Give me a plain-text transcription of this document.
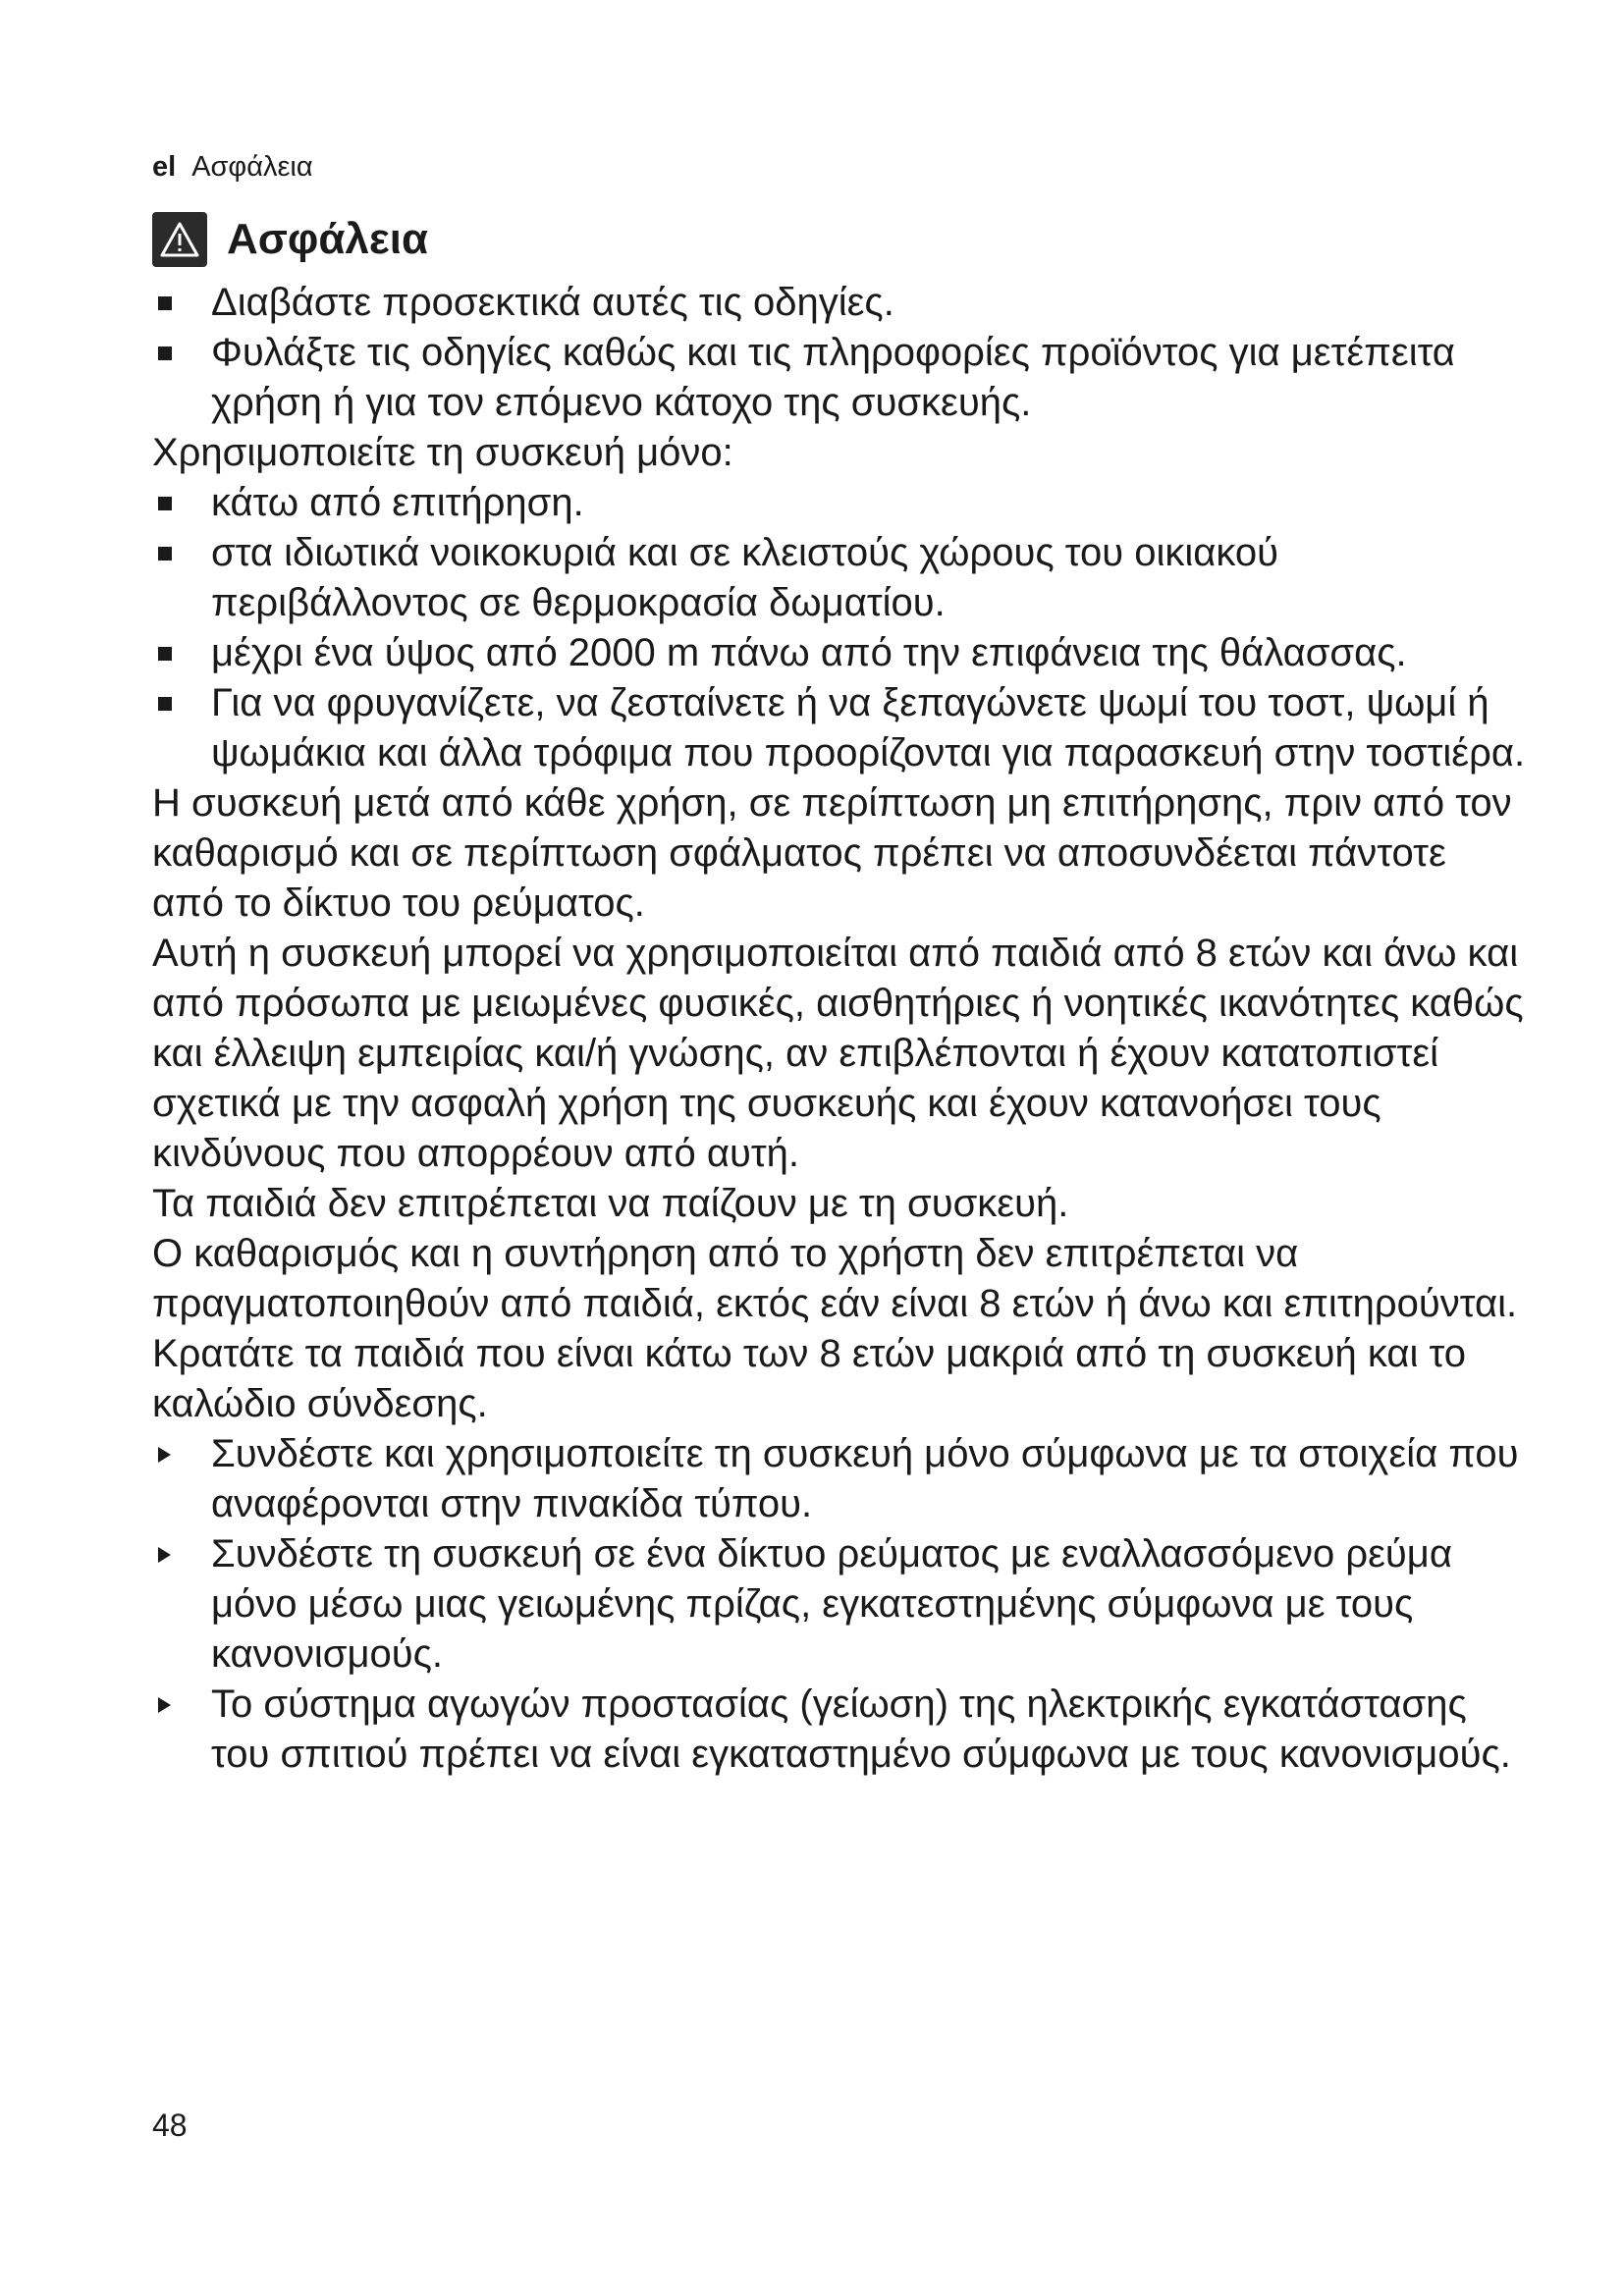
el Ασφάλεια
Ασφάλεια
Διαβάστε προσεκτικά αυτές τις οδηγίες.
Φυλάξτε τις οδηγίες καθώς και τις πληροφορίες προϊόντος για μετέπειτα χρήση ή για τον επόμενο κάτοχο της συσκευής.
Χρησιμοποιείτε τη συσκευή μόνο:
κάτω από επιτήρηση.
στα ιδιωτικά νοικοκυριά και σε κλειστούς χώρους του οικιακού περιβάλλοντος σε θερμοκρασία δωματίου.
μέχρι ένα ύψος από 2000 m πάνω από την επιφάνεια της θάλασσας.
Για να φρυγανίζετε, να ζεσταίνετε ή να ξεπαγώνετε ψωμί του τοστ, ψωμί ή ψωμάκια και άλλα τρόφιμα που προορίζονται για παρασκευή στην τοστιέρα.
Η συσκευή μετά από κάθε χρήση, σε περίπτωση μη επιτήρησης, πριν από τον καθαρισμό και σε περίπτωση σφάλματος πρέπει να αποσυνδέεται πάντοτε από το δίκτυο του ρεύματος.
Αυτή η συσκευή μπορεί να χρησιμοποιείται από παιδιά από 8 ετών και άνω και από πρόσωπα με μειωμένες φυσικές, αισθητήριες ή νοητικές ικανότητες καθώς και έλλειψη εμπειρίας και/ή γνώσης, αν επιβλέπονται ή έχουν κατατοπιστεί σχετικά με την ασφαλή χρήση της συσκευής και έχουν κατανοήσει τους κινδύνους που απορρέουν από αυτή.
Τα παιδιά δεν επιτρέπεται να παίζουν με τη συσκευή.
Ο καθαρισμός και η συντήρηση από το χρήστη δεν επιτρέπεται να πραγματοποιηθούν από παιδιά, εκτός εάν είναι 8 ετών ή άνω και επιτηρούνται.
Κρατάτε τα παιδιά που είναι κάτω των 8 ετών μακριά από τη συσκευή και το καλώδιο σύνδεσης.
Συνδέστε και χρησιμοποιείτε τη συσκευή μόνο σύμφωνα με τα στοιχεία που αναφέρονται στην πινακίδα τύπου.
Συνδέστε τη συσκευή σε ένα δίκτυο ρεύματος με εναλλασσόμενο ρεύμα μόνο μέσω μιας γειωμένης πρίζας, εγκατεστημένης σύμφωνα με τους κανονισμούς.
Το σύστημα αγωγών προστασίας (γείωση) της ηλεκτρικής εγκατάστασης του σπιτιού πρέπει να είναι εγκαταστημένο σύμφωνα με τους κανονισμούς.
48
